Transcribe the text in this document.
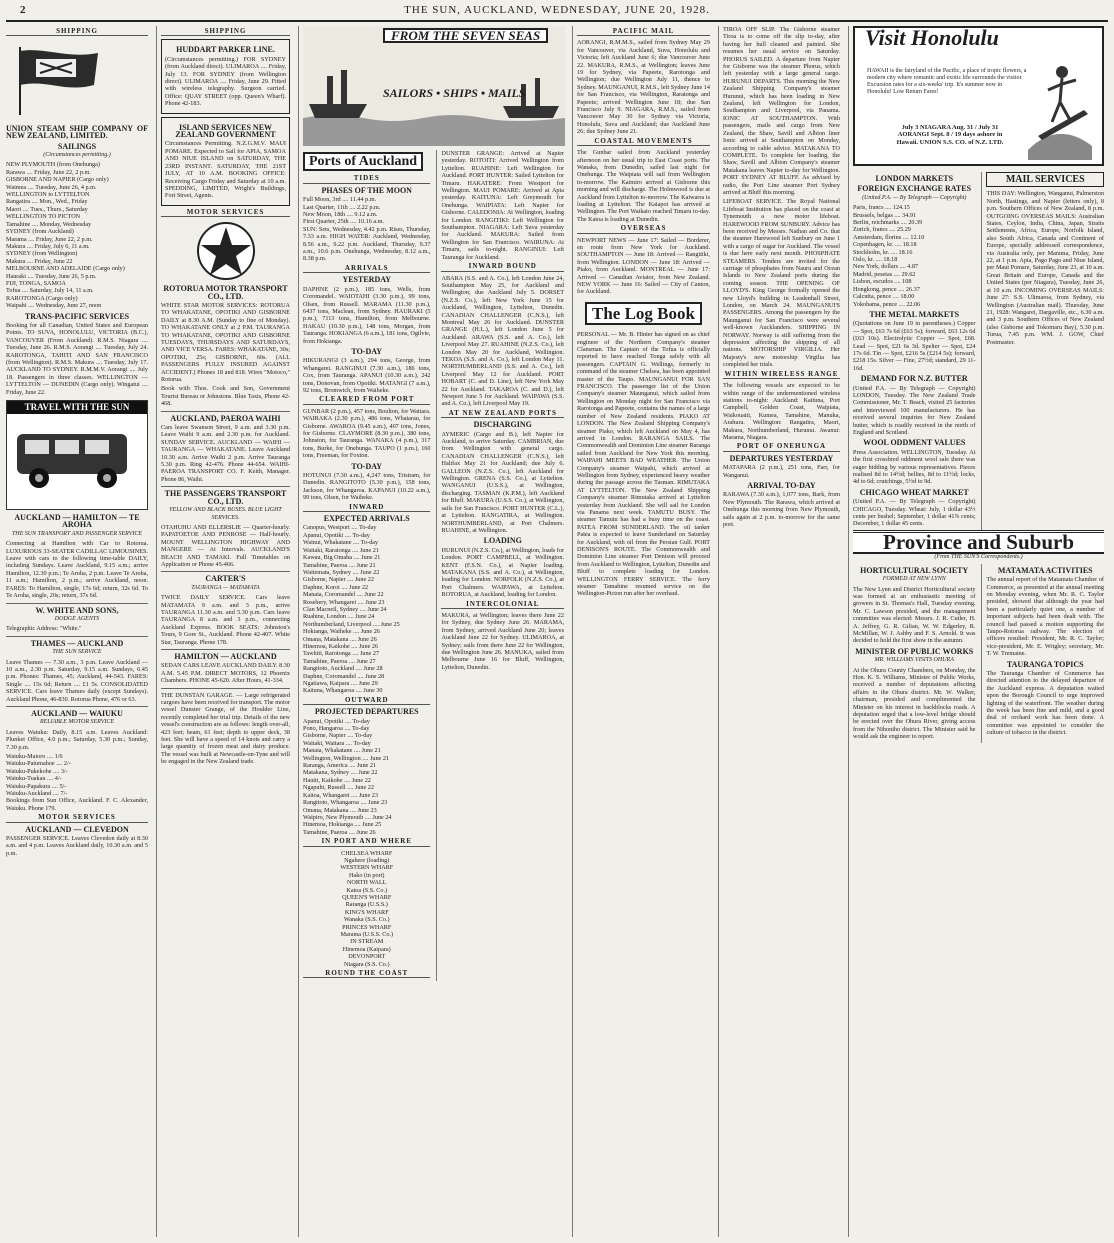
2	THE SUN, AUCKLAND, WEDNESDAY, JUNE 20, 1928.
SHIPPING

UNION STEAM SHIP COMPANY OF NEW ZEALAND, LIMITED.

SAILINGS
(Circumstances permitting.)
NEW PLYMOUTH (from Onehunga)
Rarawa .... Friday, June 22, 2 p.m.
GISBORNE AND NAPIER (Cargo only)
Waimea .... Tuesday, June 26, 4 p.m.
WELLINGTON to LYTTELTON
Rangatira .... Mon., Wed., Friday
Maori .... Tues., Thurs., Saturday
WELLINGTON TO PICTON
Tamahine .... Monday, Wednesday
SYDNEY (from Auckland)
Marama .... Friday, June 22, 2 p.m.
Makura .... Friday, July 6, 11 a.m.
SYDNEY (from Wellington)
Makura .... Friday, June 22
MELBOURNE AND ADELAIDE (Cargo only)
Hauraki .... Tuesday, June 26, 5 p.m.
FIJI, TONGA, SAMOA
Tofua .... Saturday, July 14, 11 a.m.
RAROTONGA (Cargo only)
Waipahi .... Wednesday, June 27, noon
TRANS-PACIFIC SERVICES

Booking for all Canadian, United States and European Points. TO SUVA, HONOLULU, VICTORIA (B.C.), VANCOUVER (From Auckland). R.M.S. Niagara .... Tuesday, June 26. R.M.S. Aorangi .... Tuesday, July 24. RAROTONGA, TAHITI AND SAN FRANCISCO (from Wellington). R.M.S. Makura .... Tuesday, July 17. AUCKLAND TO SYDNEY. R.M.M.V. Aorangi .... July 18. Passengers in three classes. WELLINGTON — LYTTELTON — DUNEDIN (Cargo only). Wingatui .... Friday, June 22.

TRAVEL WITH THE SUN
AUCKLAND — HAMILTON — TE AROHA
THE SUN TRANSPORT AND PASSENGER SERVICE

Connecting at Hamilton with Car to Rotorua. LUXURIOUS 33-SEATER CADILLAC LIMOUSINES. Leave with cars to the following time-table DAILY, including Sundays. Leave Auckland, 9.15 a.m.; arrive Hamilton, 12.30 p.m.; Te Aroha, 2 p.m. Leave Te Aroha, 11 a.m.; Hamilton, 2 p.m.; arrive Auckland, noon. FARES: To Hamilton, single, 17s 6d; return, 32s 6d. To Te Aroha, single, 20s; return, 37s 6d.

W. WHITE AND SONS,
DODGE AGENTS

Telegraphic Address: "White."

THAMES — AUCKLAND
THE SUN SERVICE

Leave Thames — 7.30 a.m., 3 p.m. Leave Auckland — 10 a.m., 2.30 p.m. Saturday, 9.15 a.m. Sundays, 6.45 p.m. Phones: Thames, 45; Auckland, 44-543. FARES: Single .... 15s 6d; Return .... £1 5s. CONSOLIDATED SERVICE. Cars leave Thames daily (except Sundays). Auckland Phone, 46-830. Rotorua Phone, 476 or 63.

AUCKLAND — WAIUKU
RELIABLE MOTOR SERVICE

Leaves Waiuku: Daily, 8.15 a.m. Leaves Auckland: Plunket Office, 4.0 p.m.; Saturday, 5.30 p.m.; Sunday, 7.30 p.m.

Waiuku-Maioro .... 1/6
Waiuku-Patumahoe .... 2/-
Waiuku-Pukekohe .... 3/-
Waiuku-Tuakau .... 4/-
Waiuku-Papakura .... 5/-
Waiuku-Auckland .... 7/-

Bookings from Sun Office, Auckland. F. C. Alexander, Waiuku. Phone 179.

MOTOR SERVICES
AUCKLAND — CLEVEDON

PASSENGER SERVICE. Leaves Clevedon daily at 8.30 a.m. and 4 p.m. Leaves Auckland daily, 10.30 a.m. and 5 p.m.

SHIPPING
HUDDART PARKER LINE.

(Circumstances permitting.) FOR SYDNEY (from Auckland direct). ULIMAROA .... Friday, July 13. FOR SYDNEY (from Wellington direct). ULIMAROA .... Friday, June 29. Fitted with wireless telegraphy. Surgeon carried. Office: QUAY STREET (opp. Queen's Wharf). Phone 42-183.

ISLAND SERVICES NEW ZEALAND GOVERNMENT

Circumstances Permitting. N.Z.G.M.V. MAUI POMARE. Expected to Sail for APIA, SAMOA AND NIUE ISLAND on SATURDAY, THE 23RD INSTANT. SATURDAY, THE 21ST JULY, AT 10 A.M. BOOKING OFFICE: Receiving Cargo Friday and Saturday at 10 a.m. SPEDDING, LIMITED, Wright's Buildings, Fort Street, Agents.

MOTOR SERVICES
ROTORUA MOTOR TRANSPORT CO., LTD.

WHITE STAR MOTOR SERVICES: ROTORUA TO WHAKATANE, OPOTIKI AND GISBORNE DAILY at 8.30 A.M. (Sunday to fine of Monday). TO WHAKATANE ONLY at 2 P.M. TAURANGA TO WHAKATANE, OPOTIKI AND GISBORNE TUESDAYS, THURSDAYS AND SATURDAYS, AND VICE VERSA. FARES: WHAKATANE, 30s; OPOTIKI, 25s; GISBORNE, 60s. (ALL PASSENGERS FULLY INSURED AGAINST ACCIDENT.) Phones 18 and 818. Wires "Motoco," Rotorua.

Book with Thos. Cook and Son, Government Tourist Bureau or Johnstons. Blue Taxis, Phone 42-468.

AUCKLAND, PAEROA WAIHI

Cars leave Swanson Street, 9 a.m. and 3.30 p.m. Leave Waihi 9 a.m. and 2.30 p.m. for Auckland. SUNDAY SERVICE. AUCKLAND — WAIHI — TAURANGA — WHAKATANE. Leave Auckland 10.30 a.m. Arrive Waihi 2 p.m. Arrive Tauranga 5.30 p.m. Ring 42-476. Phone 44-654. WAIHI-PAEROA TRANSPORT CO. F. Keith, Manager. Phone 86, Waihi.

THE PASSENGERS TRANSPORT CO., LTD.
YELLOW AND BLACK BUSES. BLUE LIGHT SERVICES.

OTAHUHU AND ELLERSLIE — Quarter-hourly. PAPATOETOE AND PENROSE — Half-hourly. MOUNT WELLINGTON HIGHWAY AND MANGERE — At Intervals. AUCKLAND'S BEACH AND TAMAKI. Full Timetables on Application or Phone 45-466.

CARTER'S
TAURANGA — MATAMATA

TWICE DAILY SERVICE. Cars leave MATAMATA 9 a.m. and 3 p.m., arrive TAURANGA 11.30 a.m. and 5.30 p.m. Cars leave TAURANGA 8 a.m. and 3 p.m., connecting Auckland Express. BOOK SEATS: Johnston's Tours, 9 Gore St., Auckland. Phone 42-407. White Star, Tauranga. Phone 178.

HAMILTON — AUCKLAND

SEDAN CARS LEAVE AUCKLAND DAILY. 8.30 A.M. 5.45 P.M. DIRECT MOTORS, 12 Phoenix Chambers. PHONE 45-620. After Hours, 41-334.

THE DUNSTAN GARAGE. — Large refrigerated cargoes have been received for transport. The motor vessel Dunster Grange, of the Houlder Line, recently completed her trial trip. Details of the new vessel's construction are as follows: length over-all, 423 feet; beam, 61 feet; depth to upper deck, 38 feet. She will have a speed of 14 knots and carry a large quantity of frozen meat and dairy produce. The vessel was built at Newcastle-on-Tyne and will be engaged in the New Zealand trade.

FROM THE SEVEN SEAS
SAILORS • SHIPS • MAILS
Ports of Auckland
TIDES
PHASES OF THE MOON
Full Moon, 3rd .... 11.44 p.m.
Last Quarter, 11th .... 2.22 p.m.
New Moon, 18th .... 9.12 a.m.
First Quarter, 25th .... 10.16 a.m.

SUN: Sets, Wednesday, 4.42 p.m. Rises, Thursday, 7.33 a.m. HIGH WATER: Auckland, Wednesday, 8.56 a.m., 9.22 p.m. Auckland, Thursday, 9.37 a.m., 10.6 p.m. Onehunga, Wednesday, 8.12 a.m., 8.38 p.m.

ARRIVALS
YESTERDAY

DAPHNE (2 p.m.), 185 tons, Wells, from Coromandel. WAIOTAHI (3.30 p.m.), 99 tons, Olsen, from Russell. MARAMA (11.30 p.m.), 6437 tons, Maclean, from Sydney. HAURAKI (5 p.m.), 7113 tons, Hamilton, from Melbourne. HAKAU (10.30 p.m.), 148 tons, Morgan, from Tauranga. HOKIANGA (6 a.m.), 181 tons, Ogilvie, from Hokianga.

TO-DAY

HIKURANGI (3 a.m.), 294 tons, George, from Whangarei. RANGINUI (7.30 a.m.), 186 tons, Cox, from Tauranga. APANUI (10.30 a.m.), 242 tons, Donovan, from Opotiki. MATANGI (7 a.m.), 92 tons, Bromwich, from Waiheke.

CLEARED FROM PORT

GUNBAR (2 p.m.), 457 tons, Boulton, for Waitara. WAIRAKA (2.30 p.m.), 486 tons, Whatarau, for Gisborne. AWAROA (9.45 a.m.), 407 tons, Jones, for Gisborne. CLAYMORE (8.30 p.m.), 380 tons, Johnston, for Tauranga. WANAKA (4 p.m.), 317 tons, Burke, for Onehunga. TAUPO (1 p.m.), 160 tons, Freeman, for Foxton.

TO-DAY

HOTUNUI (7.30 a.m.), 4,247 tons, Tristram, for Dunedin. RANGITOTO (5.30 p.m.), 158 tons, Jackson, for Whangaroa. KAPANUI (10.22 a.m.), 99 tons, Olsen, for Waiheke.

INWARD
EXPECTED ARRIVALS
Canopus, Westport .... To-day
Apanui, Opotiki .... To-day
Wainui, Whakatane .... To-day
Waitaki, Raratonga .... June 21
Kawau, Big Omaha .... June 21
Tamahine, Paeroa .... June 21
Waitemata, Sydney .... June 22
Gisborne, Napier .... June 22
Daphne, Koroi .... June 22
Manaia, Coromandel .... June 22
Rosebery, Whangarei .... June 23
Clan Macneil, Sydney .... June 24
Ruahine, London .... June 24
Northumberland, Liverpool .... June 25
Hokianga, Waiheke .... June 26
Omana, Matakana .... June 26
Hinemoa, Kaikohe .... June 26
Tawhiti, Rarotonga .... June 27
Tamahine, Paeroa .... June 27
Rangitoto, Auckland .... June 28
Daphne, Coromandel .... June 28
Ngatiawa, Kaipara .... June 29
Kaituna, Whangaroa .... June 30
OUTWARD
PROJECTED DEPARTURES
Apanui, Opotiki .... To-day
Pono, Hangaroa .... To-day
Gisborne, Napier .... To-day
Waitaki, Waitara .... To-day
Manaia, Whakatane .... June 21
Wellington, Wellington .... June 21
Raranga, America .... June 21
Matakana, Sydney .... June 22
Hauiti, Kaikohe .... June 22
Ngapuhi, Russell .... June 22
Kaitoa, Whangarei .... June 23
Rangitoto, Whangaroa .... June 23
Omana, Matakana .... June 23
Waipiro, New Plymouth .... June 24
Hinemoa, Hokianga .... June 25
Tamahine, Paeroa .... June 26
IN PORT AND WHERE
CHELSEA WHARF
Ngahere (loading)
WESTERN WHARF
Hako (in port)
NORTH WALL
Katoa (S.S. Co.)
QUEEN'S WHARF
Raranga (U.S.S.)
KING'S WHARF
Wanaka (S.S. Co.)
PRINCES WHARF
Marama (U.S.S. Co.)
IN STREAM
Hinemoa (Kaipara)
DEVONPORT
Niagara (S.S. Co.)
ROUND THE COAST

DUNSTER GRANGE: Arrived at Napier yesterday. ROTOITI: Arrived Wellington from Lyttelton. RUAHINE: Left Wellington for Auckland. PORT HUNTER: Sailed Lyttelton for Timaru. HAKATERE: From Westport for Wellington. MAUI POMARE: Arrived at Apia yesterday. KAITUNA: Left Greymouth for Onehunga. WAIPIATA: Left Napier for Gisborne. CALEDONIA: At Wellington, loading for London. RANGITIKI: Left Wellington for Southampton. NIAGARA: Left Suva yesterday for Auckland. MAKURA: Sailed from Wellington for San Francisco. WAIRUNA: At Timaru, sails to-night. RANGINUI: Left Tauranga for Auckland.

INWARD BOUND

ABARA (S.S. and A. Co.), left London June 24, Southampton May 25, for Auckland and Wellington; due Auckland July 5. DORSET (N.Z.S. Co.), left New York June 15 for Auckland, Wellington, Lyttelton, Dunedin. CANADIAN CHALLENGER (C.N.S.), left Montreal May 26 for Auckland. DUNSTER GRANGE (H.L.), left London June 5 for Auckland. ARAWA (S.S. and A. Co.), left Liverpool May 27. RUAHINE (N.Z.S. Co.), left London May 20 for Auckland, Wellington. TEKOA (S.S. and A. Co.), left London May 11. NORTHUMBERLAND (S.S. and A. Co.), left Liverpool May 12 for Auckland. PORT HOBART (C. and D. Line), left New York May 22 for Auckland. TAKAROA (C. and D.), left Newport June 5 for Auckland. WAIPAWA (S.S. and A. Co.), left Liverpool May 19.

AT NEW ZEALAND PORTS
DISCHARGING

AYMERIC (Cargo and B.), left Napier for Auckland, to arrive Saturday. CAMBRIAN, due from Wellington with general cargo. CANADIAN CHALLENGER (C.N.S.), left Halifax May 21 for Auckland; due July 6. GALLEON (N.Z.S. Co.), left Auckland for Wellington. GRENA (S.S. Co.), at Lyttelton. WANGANUI (U.S.S.), at Wellington, discharging. TASMAN (K.P.M.), left Auckland for Bluff. MAKURA (U.S.S. Co.), at Wellington, sails for San Francisco. PORT HUNTER (C.L.), at Lyttelton. RANGATIRA, at Wellington. NORTHUMBERLAND, at Port Chalmers. RUAHINE, at Wellington.

LOADING

HURUNUI (N.Z.S. Co.), at Wellington, loads for London. PORT CAMPBELL, at Wellington. KENT (F.S.N. Co.), at Napier loading. MATAKANA (S.S. and A. Co.), at Wellington, loading for London. NORFOLK (N.Z.S. Co.), at Port Chalmers. WAIPAWA, at Lyttelton. ROTORUA, at Auckland, loading for London.

INTERCOLONIAL

MAKURA, at Wellington; leaves there June 22 for Sydney, due Sydney June 26. MARAMA, from Sydney, arrived Auckland June 20; leaves Auckland June 22 for Sydney. ULIMAROA, at Sydney; sails from there June 22 for Wellington, due Wellington June 26. MANUKA, sailed from Melbourne June 16 for Bluff, Wellington, Lyttelton, Dunedin.

PACIFIC MAIL

AORANGI, R.M.M.S., sailed from Sydney May 29 for Vancouver, via Auckland, Suva, Honolulu and Victoria; left Auckland June 6; due Vancouver June 22. MAKURA, R.M.S., at Wellington; leaves June 19 for Sydney, via Papeete, Rarotonga and Wellington; due Wellington July 11, thence to Sydney. MAUNGANUI, R.M.S., left Sydney June 14 for San Francisco, via Wellington, Raratonga and Papeete; arrived Wellington June 18; due San Francisco July 9. NIAGARA, R.M.S., sailed from Vancouver May 30 for Sydney via Victoria, Honolulu, Suva and Auckland; due Auckland June 26; due Sydney June 21.

COASTAL MOVEMENTS

The Gunbar sailed from Auckland yesterday afternoon on her usual trip to East Coast ports. The Wanaka, from Dunedin, sailed last night for Onehunga. The Waipiata will sail from Wellington to-morrow. The Kaimiro arrived at Gisborne this morning and will discharge. The Holmwood is due at Auckland from Lyttelton to-morrow. The Kaiwarra is loading at Lyttelton. The Kaiapoi has arrived at Wellington. The Port Waikato reached Timaru to-day. The Katoa is loading at Dunedin.

OVERSEAS

NEWPORT NEWS — June 17: Sailed — Borderer, en route from New York for Auckland. SOUTHAMPTON — June 18: Arrived — Rangitiki, from Wellington. LONDON — June 18: Arrived — Piako, from Auckland. MONTREAL — June 17: Arrived — Canadian Aviator, from New Zealand. NEW YORK — June 16: Sailed — City of Canton, for Auckland.

The Log Book

PERSONAL — Mr. B. Hinter has signed on as chief engineer of the Northern Company's steamer Clansman. The Captain of the Tofua is officially reported to have reached Tonga safely with all passengers. CAPTAIN G. Wellings, formerly in command of the steamer Chelsea, has been appointed master of the Taupo. MAUNGANUI FOR SAN FRANCISCO. The passenger list of the Union Company's steamer Maunganui, which sailed from Wellington on Monday night for San Francisco via Rarotonga and Papeete, contains the names of a large number of New Zealand residents. PIAKO AT LONDON. The New Zealand Shipping Company's steamer Piako, which left Auckland on May 4, has arrived in London. RARANGA SAILS. The Commonwealth and Dominion Line steamer Raranga sailed from Auckland for New York this morning. WAIPAHI MEETS BAD WEATHER. The Union Company's steamer Waipahi, which arrived at Wellington from Sydney, experienced heavy weather during the passage across the Tasman. RIMUTAKA AT LYTTELTON. The New Zealand Shipping Company's steamer Rimutaka arrived at Lyttelton yesterday from Auckland. She will sail for London via Panama next week. TAMUTU BUSY. The steamer Tamutu has had a busy time on the coast. PATEA FROM SUNDERLAND. The oil tanker Patea is expected to leave Sunderland on Saturday for Auckland, with oil from the Persian Gulf. PORT DENISON'S ROUTE. The Commonwealth and Dominion Line steamer Port Denison will proceed from Auckland to Wellington, Lyttelton, Dunedin and Bluff to complete loading for London. WELLINGTON FERRY SERVICE. The ferry steamer Tamahine resumed service on the Wellington-Picton run after her overhaul.

TIROA OFF SLIP. The Gisborne steamer Tiroa is to come off the slip to-day, after having her hull cleaned and painted. She resumes her usual service on Saturday. PHORUS SAILED. A departure from Napier for Gisborne was the steamer Phorus, which left yesterday with a large general cargo. HURUNUI DEPARTS. This morning the New Zealand Shipping Company's steamer Hurunui, which has been loading in New Zealand, left Wellington for London, Southampton and Liverpool, via Panama. IONIC AT SOUTHAMPTON. With passengers, mails and cargo from New Zealand, the Shaw, Savill and Albion liner Ionic arrived at Southampton on Monday, according to cable advice. MATAKANA TO COMPLETE. To complete her loading, the Shaw, Savill and Albion Company's steamer Matakana leaves Napier to-day for Wellington. PORT SYDNEY AT BLUFF. As advised by radio, the Port Line steamer Port Sydney arrived at Bluff this morning.

LIFEBOAT SERVICE. The Royal National Lifeboat Institution has placed on the coast at Tynemouth a new motor lifeboat. HAREWOOD FROM SUNBURY. Advice has been received by Messrs. Nathan and Co. that the steamer Harewood left Sunbury on June 1 with a cargo of sugar for Auckland. The vessel is due here early next month. PHOSPHATE STEAMERS. Tenders are invited for the carriage of phosphates from Nauru and Ocean Islands to New Zealand ports during the coming season. THE OPENING OF LLOYD'S. King George formally opened the new Lloyd's building in Leadenhall Street, London, on March 24. MAUNGANUI'S PASSENGERS. Among the passengers by the Maunganui for San Francisco were several well-known Aucklanders. SHIPPING IN NORWAY. Norway is still suffering from the depression affecting the shipping of all nations. MOTORSHIP VIRGILIA. Her Majesty's new motorship Virgilia has completed her trials.

WITHIN WIRELESS RANGE

The following vessels are expected to be within range of the undermentioned wireless stations to-night: Auckland: Kaituna, Port Campbell, Golden Coast, Waipiata, Waikouaiti, Kumea, Tamahine, Manuka, Arahura. Wellington: Rangatira, Maori, Makura, Northumberland, Hurunui. Awanui: Marama, Niagara.

PORT OF ONEHUNGA
DEPARTURES YESTERDAY

MATAPARA (2 p.m.), 251 tons, Farr, for Wanganui.

ARRIVAL TO-DAY

RARAWA (7.30 a.m.), 1,077 tons, Bark, from New Plymouth. The Rarawa, which arrived at Onehunga this morning from New Plymouth, sails again at 2 p.m. to-morrow for the same port.

Visit Honolulu
HAWAII is the fairyland of the Pacific, a place of tropic flowers, a modern city where romantic and exotic life surrounds the visitor. Excursion rates for a six-weeks' trip. It's summer now in Honolulu! Low Return Fares!
July 3 NIAGARA Aug. 31 / July 31 AORANGI Sept. 8 / 19 days ashore in Hawaii. UNION S.S. CO. of N.Z. LTD.
LONDON MARKETS
FOREIGN EXCHANGE RATES
(United P.A. — By Telegraph — Copyright)
Paris, francs .... 124.15
Brussels, belgas .... 34.91
Berlin, reichmarks .... 20.39
Zurich, francs .... 25.29
Amsterdam, florins .... 12.10
Copenhagen, kr. .... 18.18
Stockholm, kr. .... 18.16
Oslo, kr. .... 18.18
New York, dollars .... 4.87
Madrid, pesetas .... 29.62
Lisbon, escudos .... 108
Hongkong, pence .... 26.37
Calcutta, pence .... 18.00
Yokohama, pence .... 22.06
THE METAL MARKETS

(Quotations on June 19 in parentheses.) Copper — Spot, £63 7s 6d (£63 5s); forward, £63 12s 6d (£63 10s). Electrolytic Copper — Spot, £68. Lead — Spot, £21 6s 3d. Spelter — Spot, £24 17s 6d. Tin — Spot, £216 5s (£214 5s); forward, £218 15s. Silver — Fine, 27½d; standard, 29 11-16d.

DEMAND FOR N.Z. BUTTER

(United P.A. — By Telegraph — Copyright) LONDON, Tuesday. The New Zealand Trade Commissioner, Mr. T. Beach, visited 25 factories and interviewed 100 manufacturers. He has received several inquiries for New Zealand butter, which is readily received in the north of England and Scotland.

WOOL ODDMENT VALUES

Press Association. WELLINGTON, Tuesday. At the first crossbred oddment wool sale there was eager bidding by various representatives. Pieces realised 8d to 14½d; bellies, 8d to 11½d; locks, 4d to 6d; crutchings, 5½d to 9d.

CHICAGO WHEAT MARKET

(United P.A. — By Telegraph — Copyright) CHICAGO, Tuesday. Wheat: July, 1 dollar 43½ cents per bushel; September, 1 dollar 41⅞ cents; December, 1 dollar 45 cents.

MAIL SERVICES

THIS DAY: Wellington, Wanganui, Palmerston North, Hastings, and Napier (letters only), 8 p.m. Southern Offices of New Zealand, 8 p.m. OUTGOING OVERSEAS MAILS: Australian States, Ceylon, India, China, Japan, Straits Settlements, Africa, Europe, Norfolk Island, also South Africa, Canada and Continent of Europe, specially addressed correspondence, via Australia only, per Marama, Friday, June 22, at 1 p.m. Apia, Pago Pago and Niue Island, per Maui Pomare, Saturday, June 23, at 10 a.m. Great Britain and Europe, Canada and the United States (per Niagara), Tuesday, June 26, at 10 a.m. INCOMING OVERSEAS MAILS: June 27: S.S. Ulimaroa, from Sydney, via Wellington (Australian mail). Thursday, June 21, 1928: Wangarei, Dargaville, etc., 6.30 a.m. and 3 p.m. Southern Offices of New Zealand (also Gisborne and Tokomaru Bay), 5.30 p.m. Turua, 7.45 p.m. WM. J. GOW, Chief Postmaster.

Province and Suburb
(From THE SUN'S Correspondents.)
HORTICULTURAL SOCIETY
FORMED AT NEW LYNN

The New Lynn and District Horticultural society was formed at an enthusiastic meeting of growers in St. Thomas's Hall, Tuesday evening. Mr. C. Lawson presided, and the management committee was elected: Messrs. J. R. Cutler, H. A. Jeffrey, G. R. Gilian, W. W. Edgerley, R. McMillan, W. J. Ashby and F. S. Arnold. It was decided to hold the first show in the autumn.

MINISTER OF PUBLIC WORKS
MR. WILLIAMS VISITS OHURA

At the Ohura County Chambers, on Monday, the Hon. K. S. Williams, Minister of Public Works, received a number of deputations affecting affairs in the Ohura district. Mr. W. Walker, chairman, presided and complimented the Minister on his interest in backblocks roads. A deputation urged that a low-level bridge should be erected over the Ohura River, giving access from the Nihoniho district. The Minister said he would ask the engineer to report.

MATAMATA ACTIVITIES

The annual report of the Matamata Chamber of Commerce, as presented at the annual meeting on Monday evening, when Mr. R. C. Taylor presided, showed that although the year had been a particularly quiet one, a number of important subjects had been dealt with. The council had passed a motion supporting the Taupo-Rotorua railway. The election of officers resulted: President, Mr. R. C. Taylor; vice-president, Mr. E. Wrigley; secretary, Mr. T. W. Tremaine.

TAURANGA TOPICS

The Tauranga Chamber of Commerce has directed attention to the delayed departure of the Auckland express. A deputation waited upon the Borough Council to urge improved lighting of the waterfront. The weather during the week has been fine and mild, and a good deal of orchard work has been done. A committee was appointed to consider the culture of tobacco in the district.
